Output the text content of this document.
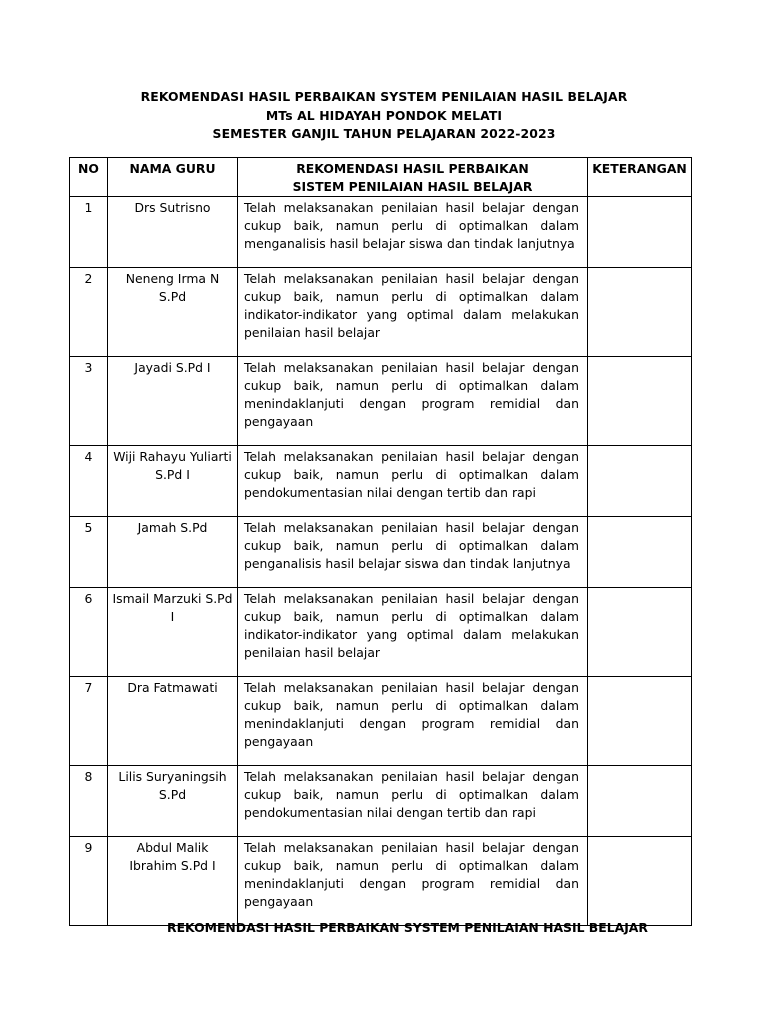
REKOMENDASI HASIL PERBAIKAN SYSTEM PENILAIAN HASIL BELAJAR
MTs AL HIDAYAH PONDOK MELATI
SEMESTER GANJIL TAHUN PELAJARAN 2022-2023
NO	NAMA GURU	REKOMENDASI HASIL PERBAIKAN SISTEM PENILAIAN HASIL BELAJAR	KETERANGAN
1	Drs Sutrisno	Telah melaksanakan penilaian hasil belajar dengan cukup baik, namun perlu di optimalkan dalam menganalisis hasil belajar siswa dan tindak lanjutnya	
2	Neneng Irma N S.Pd	Telah melaksanakan penilaian hasil belajar dengan cukup baik, namun perlu di optimalkan dalam indikator-indikator yang optimal dalam melakukan penilaian hasil belajar	
3	Jayadi S.Pd I	Telah melaksanakan penilaian hasil belajar dengan cukup baik, namun perlu di optimalkan dalam menindaklanjuti dengan program remidial dan pengayaan	
4	Wiji Rahayu Yuliarti S.Pd I	Telah melaksanakan penilaian hasil belajar dengan cukup baik, namun perlu di optimalkan dalam pendokumentasian nilai dengan tertib dan rapi	
5	Jamah S.Pd	Telah melaksanakan penilaian hasil belajar dengan cukup baik, namun perlu di optimalkan dalam penganalisis hasil belajar siswa dan tindak lanjutnya	
6	Ismail Marzuki S.Pd I	Telah melaksanakan penilaian hasil belajar dengan cukup baik, namun perlu di optimalkan dalam indikator-indikator yang optimal dalam melakukan penilaian hasil belajar	
7	Dra Fatmawati	Telah melaksanakan penilaian hasil belajar dengan cukup baik, namun perlu di optimalkan dalam menindaklanjuti dengan program remidial dan pengayaan	
8	Lilis Suryaningsih S.Pd	Telah melaksanakan penilaian hasil belajar dengan cukup baik, namun perlu di optimalkan dalam pendokumentasian nilai dengan tertib dan rapi	
9	Abdul Malik Ibrahim S.Pd I	Telah melaksanakan penilaian hasil belajar dengan cukup baik, namun perlu di optimalkan dalam menindaklanjuti dengan program remidial dan pengayaan	
REKOMENDASI HASIL PERBAIKAN SYSTEM PENILAIAN HASIL BELAJAR
